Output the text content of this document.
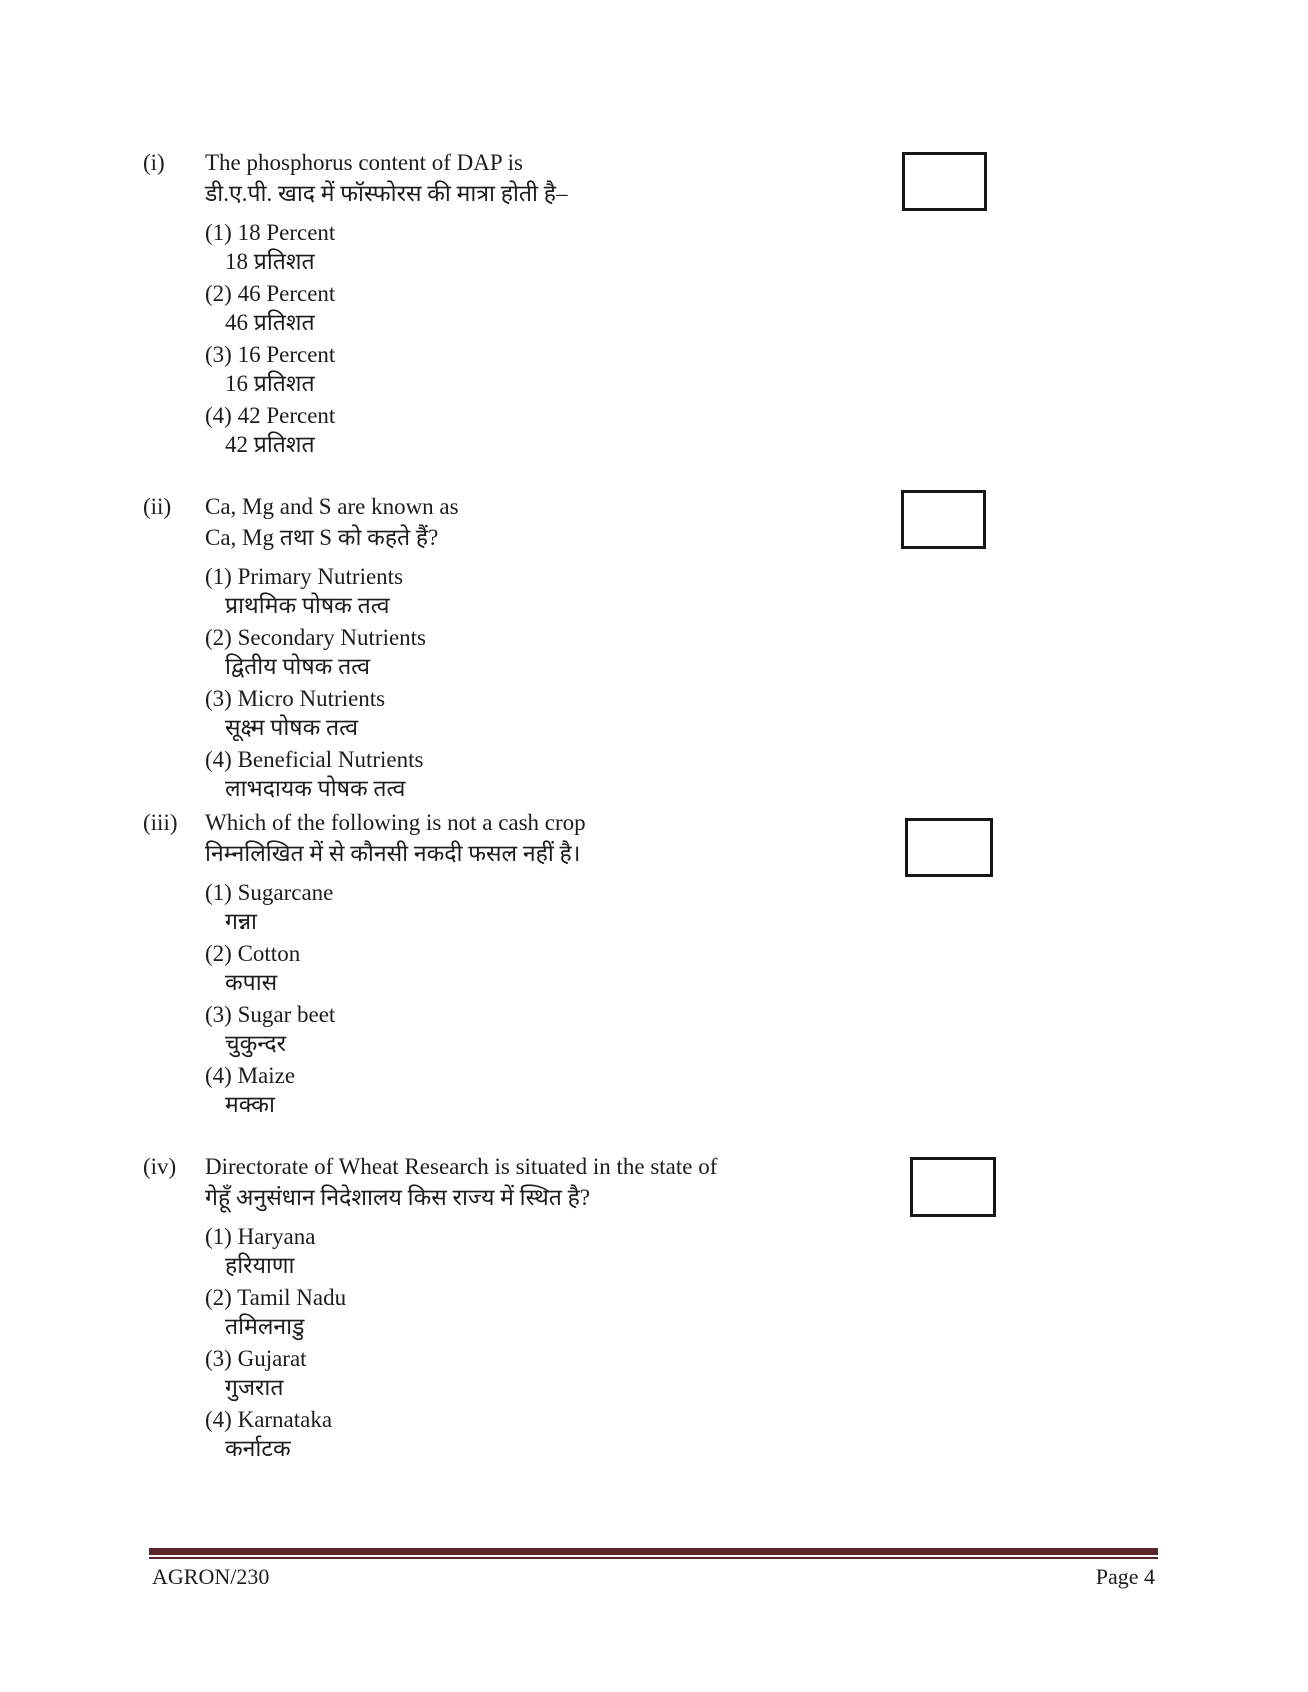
(i) The phosphorus content of DAP is
डी.ए.पी. खाद में फॉस्फोरस की मात्रा होती है–
(1) 18 Percent
18 प्रतिशत
(2) 46 Percent
46 प्रतिशत
(3) 16 Percent
16 प्रतिशत
(4) 42 Percent
42 प्रतिशत
(ii) Ca, Mg and S are known as
Ca, Mg तथा S को कहते हैं?
(1) Primary Nutrients
प्राथमिक पोषक तत्व
(2) Secondary Nutrients
द्वितीय पोषक तत्व
(3) Micro Nutrients
सूक्ष्म पोषक तत्व
(4) Beneficial Nutrients
लाभदायक पोषक तत्व
(iii) Which of the following is not a cash crop
निम्नलिखित में से कौनसी नकदी फसल नहीं है।
(1) Sugarcane
गन्ना
(2) Cotton
कपास
(3) Sugar beet
चुकुन्दर
(4) Maize
मक्का
(iv) Directorate of Wheat Research is situated in the state of
गेहूँ अनुसंधान निदेशालय किस राज्य में स्थित है?
(1) Haryana
हरियाणा
(2) Tamil Nadu
तमिलनाडु
(3) Gujarat
गुजरात
(4) Karnataka
कर्नाटक
AGRON/230	Page 4
